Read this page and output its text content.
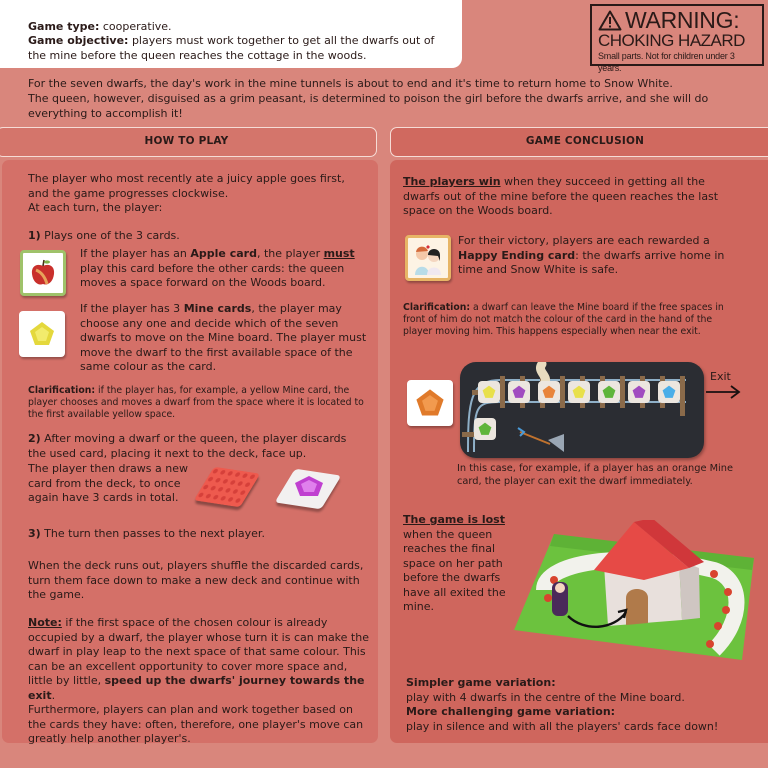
Game type: cooperative.
Game objective: players must work together to get all the dwarfs out of the mine before the queen reaches the cottage in the woods.
WARNING:
CHOKING HAZARD
Small parts. Not for children under 3 years.
For the seven dwarfs, the day's work in the mine tunnels is about to end and it's time to return home to Snow White.
The queen, however, disguised as a grim peasant, is determined to poison the girl before the dwarfs arrive, and she will do everything to accomplish it!
HOW TO PLAY	GAME CONCLUSION
The player who most recently ate a juicy apple goes first, and the game progresses clockwise.
At each turn, the player:
1) Plays one of the 3 cards.
If the player has an Apple card, the player must play this card before the other cards: the queen moves a space forward on the Woods board.
If the player has 3 Mine cards, the player may choose any one and decide which of the seven dwarfs to move on the Mine board. The player must move the dwarf to the first available space of the same colour as the card.
Clarification: if the player has, for example, a yellow Mine card, the player chooses and moves a dwarf from the space where it is located to the first available yellow space.
2) After moving a dwarf or the queen, the player discards the used card, placing it next to the deck, face up.
The player then draws a new card from the deck, to once again have 3 cards in total.
3) The turn then passes to the next player.
When the deck runs out, players shuffle the discarded cards, turn them face down to make a new deck and continue with the game.
Note: if the first space of the chosen colour is already occupied by a dwarf, the player whose turn it is can make the dwarf in play leap to the next space of that same colour. This can be an excellent opportunity to cover more space and, little by little, speed up the dwarfs' journey towards the exit.
Furthermore, players can plan and work together based on the cards they have: often, therefore, one player's move can greatly help another player's.
The players win when they succeed in getting all the dwarfs out of the mine before the queen reaches the last space on the Woods board.
For their victory, players are each rewarded a Happy Ending card: the dwarfs arrive home in time and Snow White is safe.
Clarification: a dwarf can leave the Mine board if the free spaces in front of him do not match the colour of the card in the hand of the player moving him. This happens especially when near the exit.
Exit
In this case, for example, if a player has an orange Mine card, the player can exit the dwarf immediately.
The game is lost when the queen reaches the final space on her path before the dwarfs have all exited the mine.
Simpler game variation:
play with 4 dwarfs in the centre of the Mine board.
More challenging game variation:
play in silence and with all the players' cards face down!
